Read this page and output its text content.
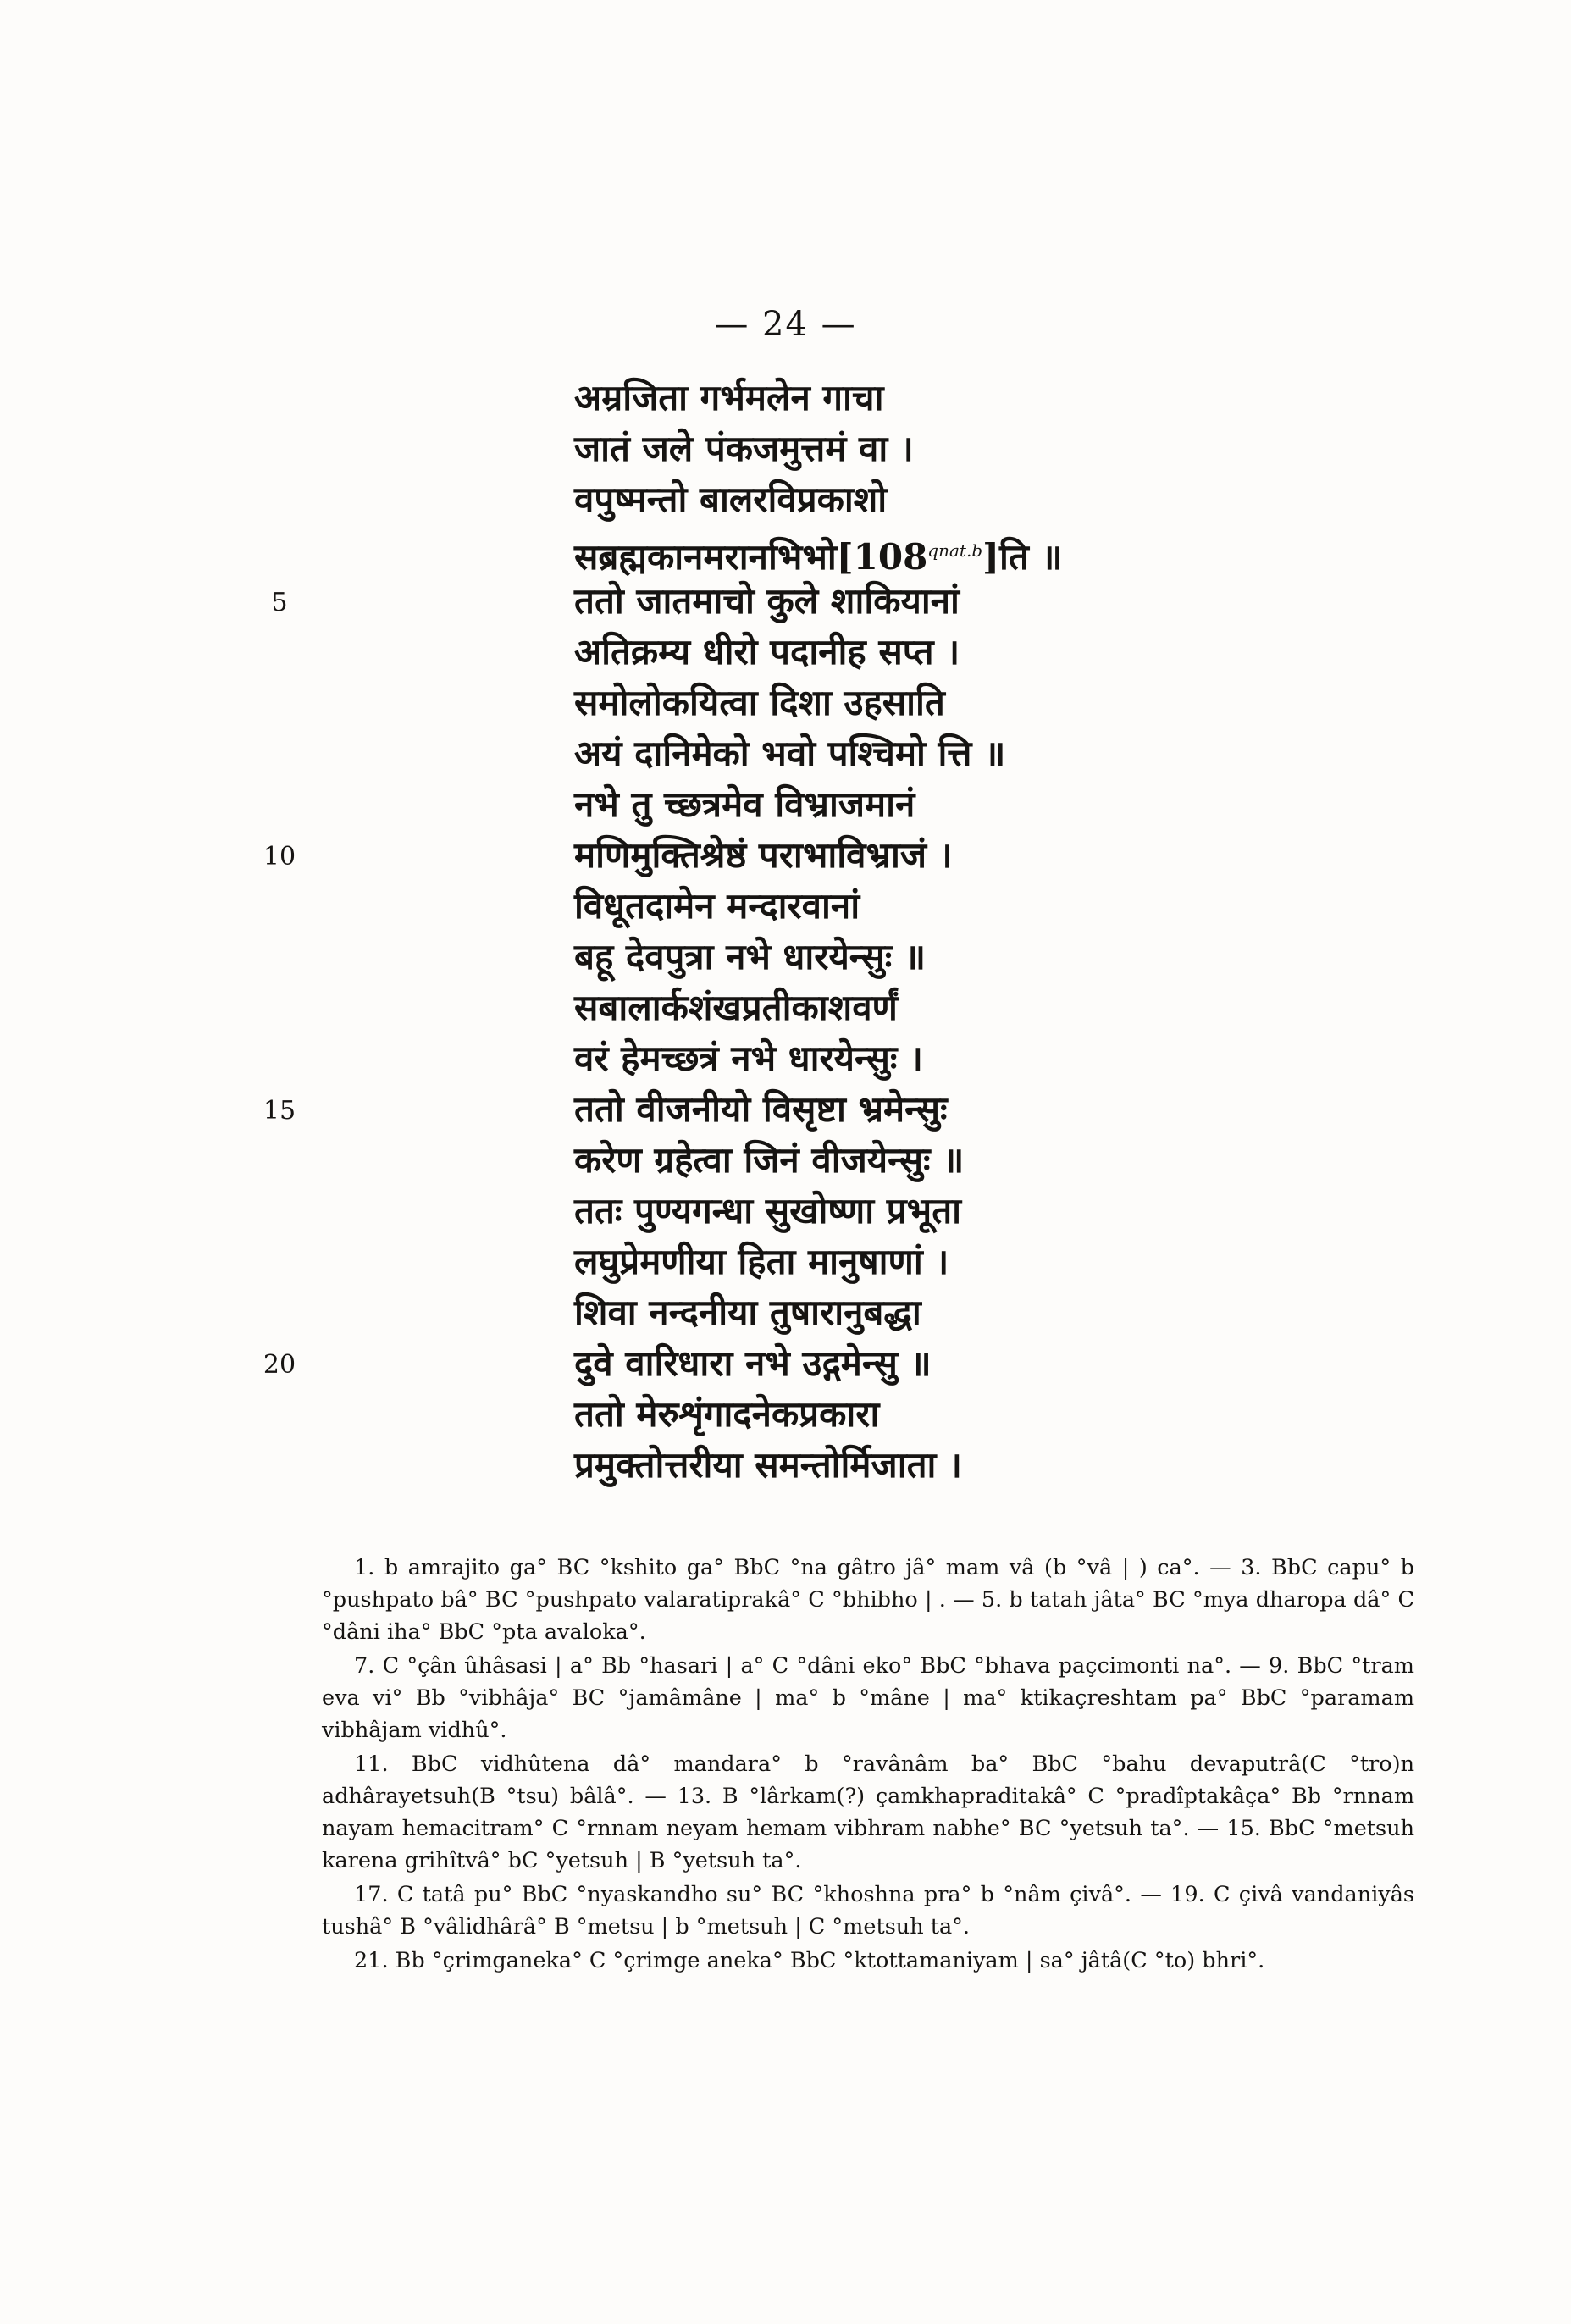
— 24 —
5
10
15
20
अम्रजिता गर्भमलेन गाचा
जातं जले पंकजमुत्तमं वा ।
वपुष्मन्तो बालरविप्रकाशो
$सब्रह्मकानमरानभिभो[108^{qnat.b}]ति$ ॥
ततो जातमाचो कुले शाकियानां
अतिक्रम्य धीरो पदानीह सप्त ।
समोलोकयित्वा दिशा उहसाति
अयं दानिमेको भवो पश्चिमो त्ति ॥
नभे तु च्छत्रमेव विभ्राजमानं
मणिमुक्तिश्रेष्ठं पराभाविभ्राजं ।
विधूतदामेन मन्दारवानां
बहू देवपुत्रा नभे धारयेन्सुः ॥
सबालार्कशंखप्रतीकाशवर्णं
वरं हेमच्छत्रं नभे धारयेन्सुः ।
ततो वीजनीयो विसृष्टा भ्रमेन्सुः
करेण ग्रहेत्वा जिनं वीजयेन्सुः ॥
ततः पुण्यगन्धा सुखोष्णा प्रभूता
लघुप्रेमणीया हिता मानुषाणां ।
शिवा नन्दनीया तुषारानुबद्धा
दुवे वारिधारा नभे उद्गमेन्सु ॥
ततो मेरुशृंगादनेकप्रकारा
प्रमुक्तोत्तरीया समन्तोर्मिजाता ।
1. b amrajito ga° BC °kshito ga° BbC °na gâtro jâ° mam vâ (b °vâ | ) ca°. — 3. BbC capu° b °pushpato bâ° BC °pushpato valaratiprakâ° C °bhibho | . — 5. b tatah jâta° BC °mya dharopa dâ° C °dâni iha° BbC °pta avaloka°.
7. C °çân ûhâsasi | a° Bb °hasari | a° C °dâni eko° BbC °bhava paçcimonti na°. — 9. BbC °tram eva vi° Bb °vibhâja° BC °jamâmâne | ma° b °mâne | ma° ktikaçreshtam pa° BbC °paramam vibhâjam vidhû°.
11. BbC vidhûtena dâ° mandara° b °ravânâm ba° BbC °bahu devaputrâ(C °tro)n adhârayetsuh(B °tsu) bâlâ°. — 13. B °lârkam(?) çamkhapraditakâ° C °pradîptakâça° Bb °rnnam nayam hemacitram° C °rnnam neyam hemam vibhram nabhe° BC °yetsuh ta°. — 15. BbC °metsuh karena grihîtvâ° bC °yetsuh | B °yetsuh ta°.
17. C tatâ pu° BbC °nyaskandho su° BC °khoshna pra° b °nâm çivâ°. — 19. C çivâ vandaniyâs tushâ° B °vâlidhârâ° B °metsu | b °metsuh | C °metsuh ta°.
21. Bb °çrimganeka° C °çrimge aneka° BbC °ktottamaniyam | sa° jâtâ(C °to) bhri°.
